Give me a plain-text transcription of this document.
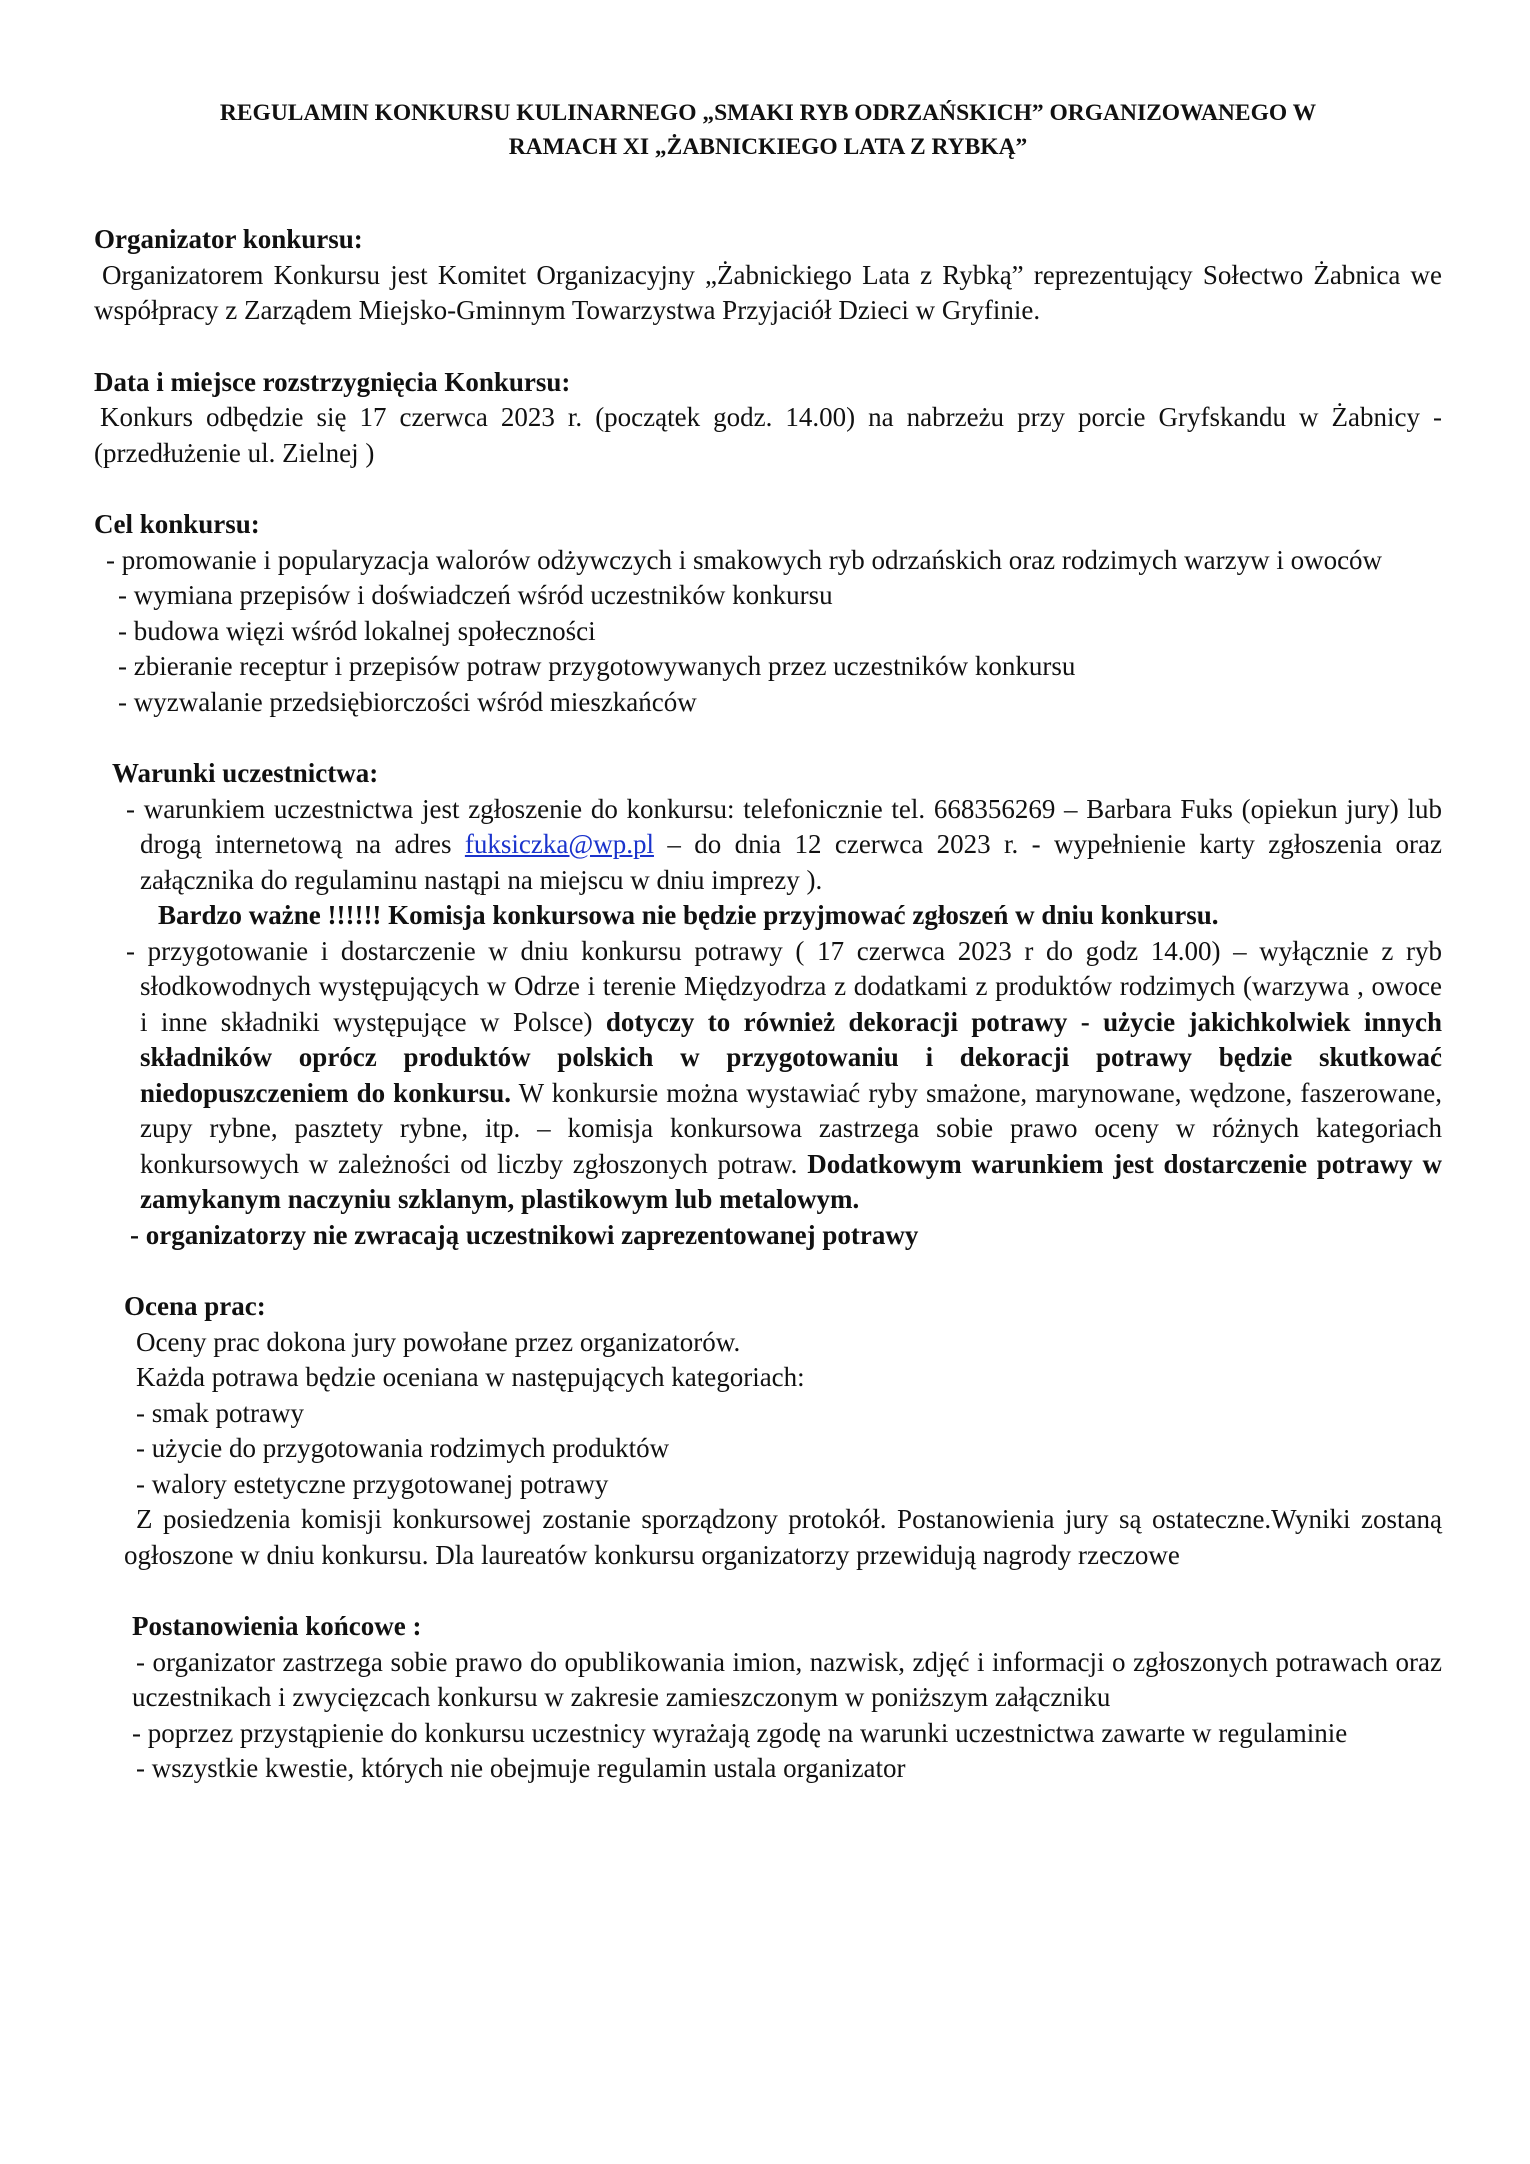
REGULAMIN KONKURSU KULINARNEGO „SMAKI RYB ODRZAŃSKICH” ORGANIZOWANEGO W
RAMACH XI „ŻABNICKIEGO LATA Z RYBKĄ”

Organizator konkursu:

Organizatorem Konkursu jest Komitet Organizacyjny „Żabnickiego Lata z Rybką” reprezentujący Sołectwo Żabnica we współpracy z Zarządem Miejsko-Gminnym Towarzystwa Przyjaciół Dzieci w Gryfinie.

Data i miejsce rozstrzygnięcia Konkursu:

Konkurs odbędzie się 17 czerwca 2023 r. (początek godz. 14.00) na nabrzeżu przy porcie Gryfskandu w Żabnicy - (przedłużenie ul. Zielnej )

Cel konkursu:

- promowanie i popularyzacja walorów odżywczych i smakowych ryb odrzańskich oraz rodzimych warzyw i owoców

- wymiana przepisów i doświadczeń wśród uczestników konkursu

- budowa więzi wśród lokalnej społeczności

- zbieranie receptur i przepisów potraw przygotowywanych przez uczestników konkursu

- wyzwalanie przedsiębiorczości wśród mieszkańców

Warunki uczestnictwa:

- warunkiem uczestnictwa jest zgłoszenie do konkursu: telefonicznie tel. 668356269 – Barbara Fuks (opiekun jury) lub drogą internetową na adres fuksiczka@wp.pl – do dnia 12 czerwca 2023 r. - wypełnienie karty zgłoszenia oraz załącznika do regulaminu nastąpi na miejscu w dniu imprezy ).

Bardzo ważne !!!!!! Komisja konkursowa nie będzie przyjmować zgłoszeń w dniu konkursu.

- przygotowanie i dostarczenie w dniu konkursu potrawy ( 17 czerwca 2023 r do godz 14.00) – wyłącznie z ryb słodkowodnych występujących w Odrze i terenie Międzyodrza z dodatkami z produktów rodzimych (warzywa , owoce i inne składniki występujące w Polsce) dotyczy to również dekoracji potrawy - użycie jakichkolwiek innych składników oprócz produktów polskich w przygotowaniu i dekoracji potrawy będzie skutkować niedopuszczeniem do konkursu. W konkursie można wystawiać ryby smażone, marynowane, wędzone, faszerowane, zupy rybne, pasztety rybne, itp. – komisja konkursowa zastrzega sobie prawo oceny w różnych kategoriach konkursowych w zależności od liczby zgłoszonych potraw. Dodatkowym warunkiem jest dostarczenie potrawy w zamykanym naczyniu szklanym, plastikowym lub metalowym.

- organizatorzy nie zwracają uczestnikowi zaprezentowanej potrawy

Ocena prac:

Oceny prac dokona jury powołane przez organizatorów.

Każda potrawa będzie oceniana w następujących kategoriach:

- smak potrawy

- użycie do przygotowania rodzimych produktów

- walory estetyczne przygotowanej potrawy

Z posiedzenia komisji konkursowej zostanie sporządzony protokół. Postanowienia jury są ostateczne.Wyniki zostaną ogłoszone w dniu konkursu. Dla laureatów konkursu organizatorzy przewidują nagrody rzeczowe

Postanowienia końcowe :

- organizator zastrzega sobie prawo do opublikowania imion, nazwisk, zdjęć i informacji o zgłoszonych potrawach oraz uczestnikach i zwycięzcach konkursu w zakresie zamieszczonym w poniższym załączniku

- poprzez przystąpienie do konkursu uczestnicy wyrażają zgodę na warunki uczestnictwa zawarte w regulaminie

- wszystkie kwestie, których nie obejmuje regulamin ustala organizator
